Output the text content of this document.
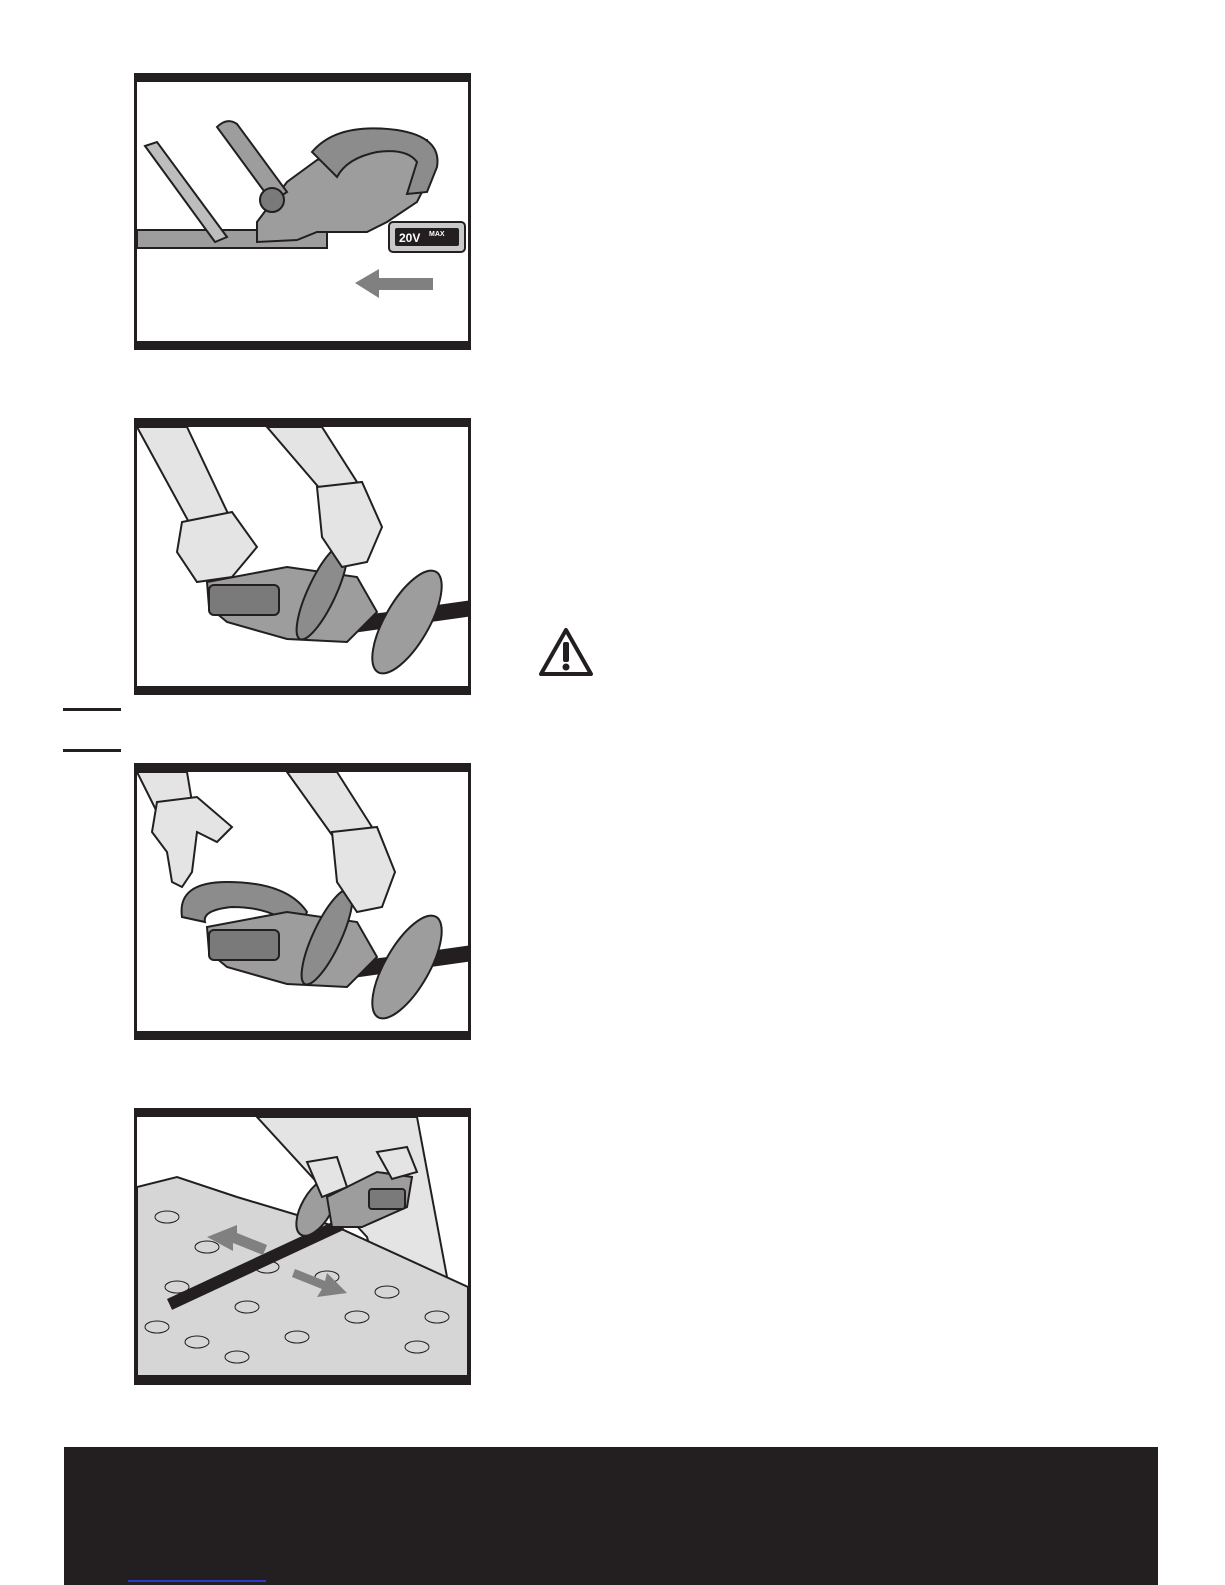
20V MAX
